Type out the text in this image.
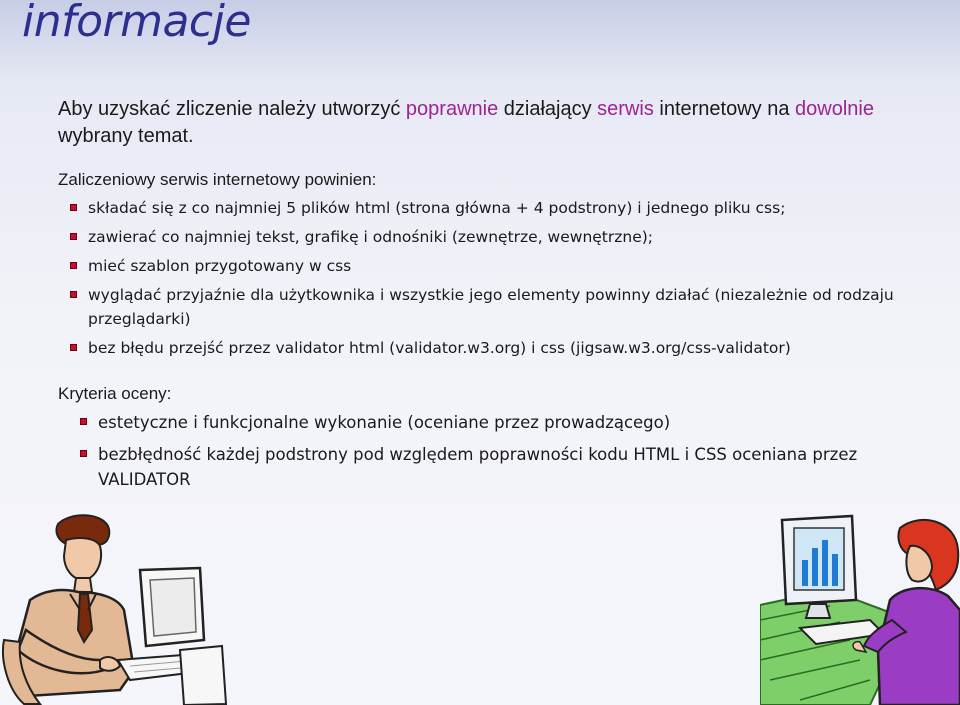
informacje
Aby uzyskać zliczenie należy utworzyć poprawnie działający serwis internetowy na dowolnie wybrany temat.
Zaliczeniowy serwis internetowy powinien:
składać się z co najmniej 5 plików html (strona główna + 4 podstrony) i jednego pliku css;
zawierać co najmniej tekst, grafikę i odnośniki (zewnętrze, wewnętrzne);
mieć szablon przygotowany w css
wyglądać przyjaźnie dla użytkownika i wszystkie jego elementy powinny działać (niezależnie od rodzaju przeglądarki)
bez błędu przejść przez validator html (validator.w3.org) i css (jigsaw.w3.org/css-validator)
Kryteria oceny:
estetyczne i funkcjonalne wykonanie (oceniane przez prowadzącego)
bezbłędność każdej podstrony pod względem poprawności kodu HTML i CSS oceniana przez VALIDATOR
